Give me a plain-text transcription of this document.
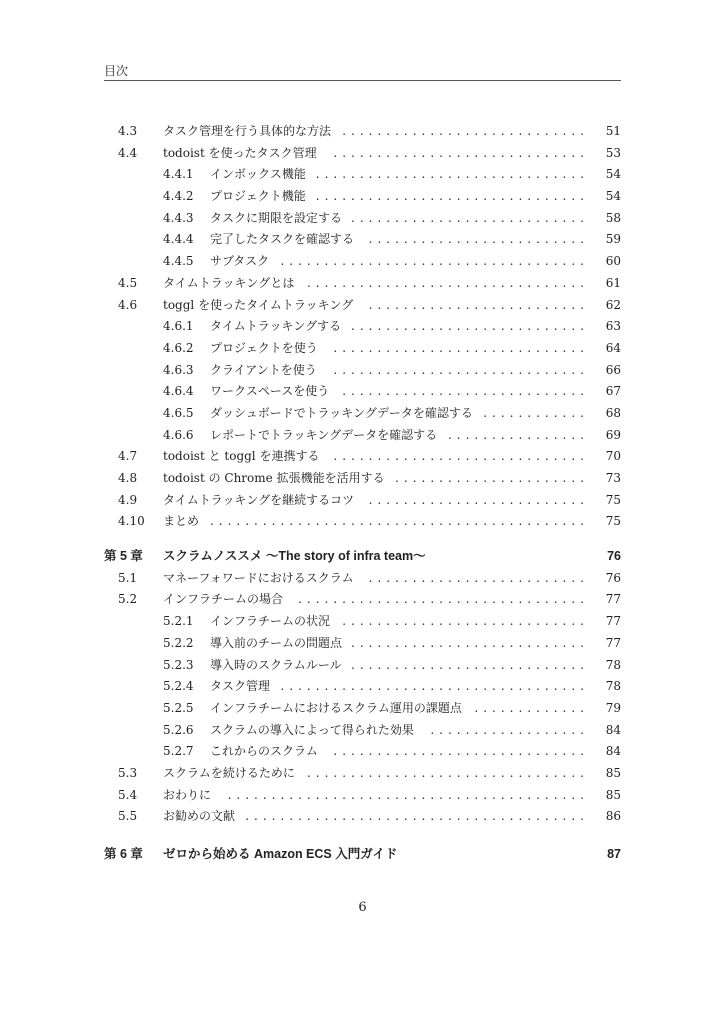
目次
4.3	タスク管理を行う具体的な方法 ............................	51
4.4	todoist を使ったタスク管理	.............................	53
4.4.1	インボックス機能 ...............................	54
4.4.2	プロジェクト機能 ...............................	54
4.4.3	タスクに期限を設定する ...........................	58
4.4.4	完了したタスクを確認する	.........................	59
4.4.5	サブタスク ...................................	60
4.5	タイムトラッキングとは	................................	61
4.6	toggl を使ったタイムトラッキング	.........................	62
4.6.1	タイムトラッキングする ...........................	63
4.6.2	プロジェクトを使う	.............................	64
4.6.3	クライアントを使う	.............................	66
4.6.4	ワークスペースを使う	............................	67
4.6.5	ダッシュボードでトラッキングデータを確認する ............	68
4.6.6	レポートでトラッキングデータを確認する ................	69
4.7	todoist と toggl を連携する	.............................	70
4.8	todoist の Chrome 拡張機能を活用する ......................	73
4.9	タイムトラッキングを継続するコツ	.........................	75
4.10	まとめ ...........................................	75
第 5 章	スクラムノススメ 〜The story of infra team〜	76
5.1	マネーフォワードにおけるスクラム	.........................	76
5.2	インフラチームの場合	.................................	77
5.2.1	インフラチームの状況	............................	77
5.2.2	導入前のチームの問題点 ...........................	77
5.2.3	導入時のスクラムルール ...........................	78
5.2.4	タスク管理 ...................................	78
5.2.5	インフラチームにおけるスクラム運用の課題点	.............	79
5.2.6	スクラムの導入によって得られた効果	..................	84
5.2.7	これからのスクラム	.............................	84
5.3	スクラムを続けるために	................................	85
5.4	おわりに	.........................................	85
5.5	お勧めの文献 .......................................	86
第 6 章	ゼロから始める Amazon ECS 入門ガイド	87
6
